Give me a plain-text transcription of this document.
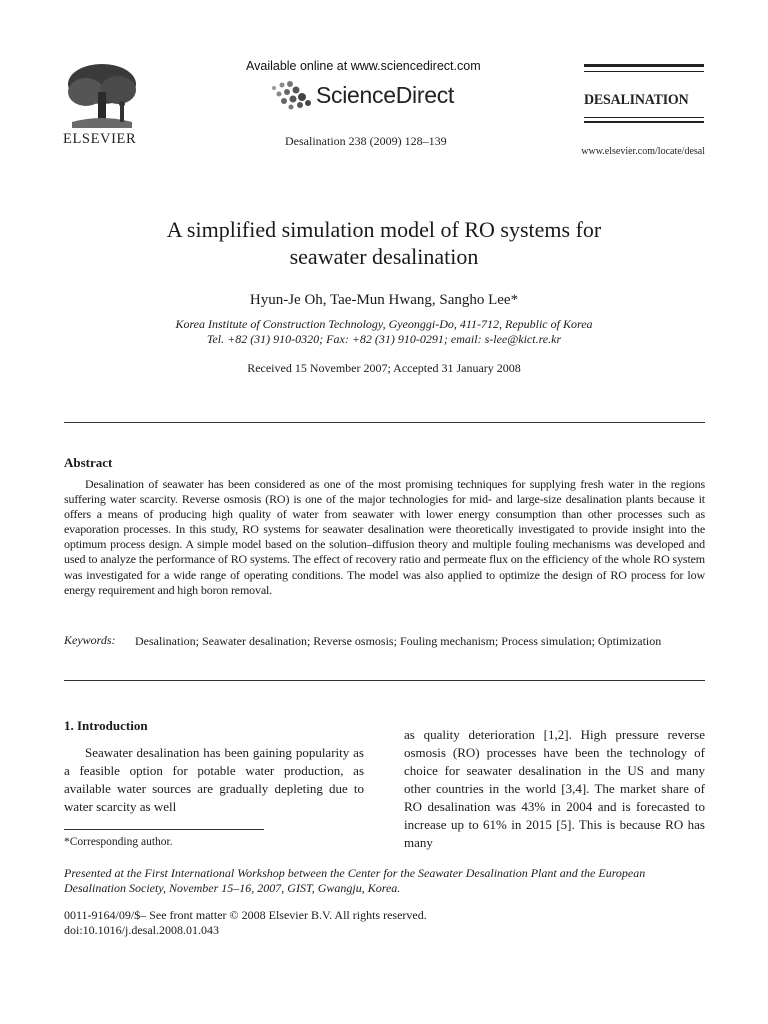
ELSEVIER
Available online at www.sciencedirect.com
ScienceDirect
Desalination 238 (2009) 128–139
DESALINATION
www.elsevier.com/locate/desal
A simplified simulation model of RO systems for
seawater desalination
Hyun-Je Oh, Tae-Mun Hwang, Sangho Lee*
Korea Institute of Construction Technology, Gyeonggi-Do, 411-712, Republic of Korea
Tel. +82 (31) 910-0320; Fax: +82 (31) 910-0291; email: s-lee@kict.re.kr
Received 15 November 2007; Accepted 31 January 2008
Abstract
Desalination of seawater has been considered as one of the most promising techniques for supplying fresh water in the regions suffering water scarcity. Reverse osmosis (RO) is one of the major technologies for mid- and large-size desalination plants because it offers a means of producing high quality of water from seawater with lower energy consumption than other processes such as evaporation processes. In this study, RO systems for seawater desalination were theoretically investigated to provide insight into the optimum process design. A simple model based on the solution–diffusion theory and multiple fouling mechanisms was developed and used to analyze the performance of RO systems. The effect of recovery ratio and permeate flux on the efficiency of the whole RO system was investigated for a wide range of operating conditions. The model was also applied to optimize the design of RO process for low energy requirement and high boron removal.
Keywords: Desalination; Seawater desalination; Reverse osmosis; Fouling mechanism; Process simulation; Optimization
1. Introduction
Seawater desalination has been gaining popularity as a feasible option for potable water production, as available water sources are gradually depleting due to water scarcity as well
as quality deterioration [1,2]. High pressure reverse osmosis (RO) processes have been the technology of choice for seawater desalination in the US and many other countries in the world [3,4]. The market share of RO desalination was 43% in 2004 and is forecasted to increase up to 61% in 2015 [5]. This is because RO has many
*Corresponding author.
Presented at the First International Workshop between the Center for the Seawater Desalination Plant and the European Desalination Society, November 15–16, 2007, GIST, Gwangju, Korea.
0011-9164/09/$– See front matter © 2008 Elsevier B.V. All rights reserved.
doi:10.1016/j.desal.2008.01.043
